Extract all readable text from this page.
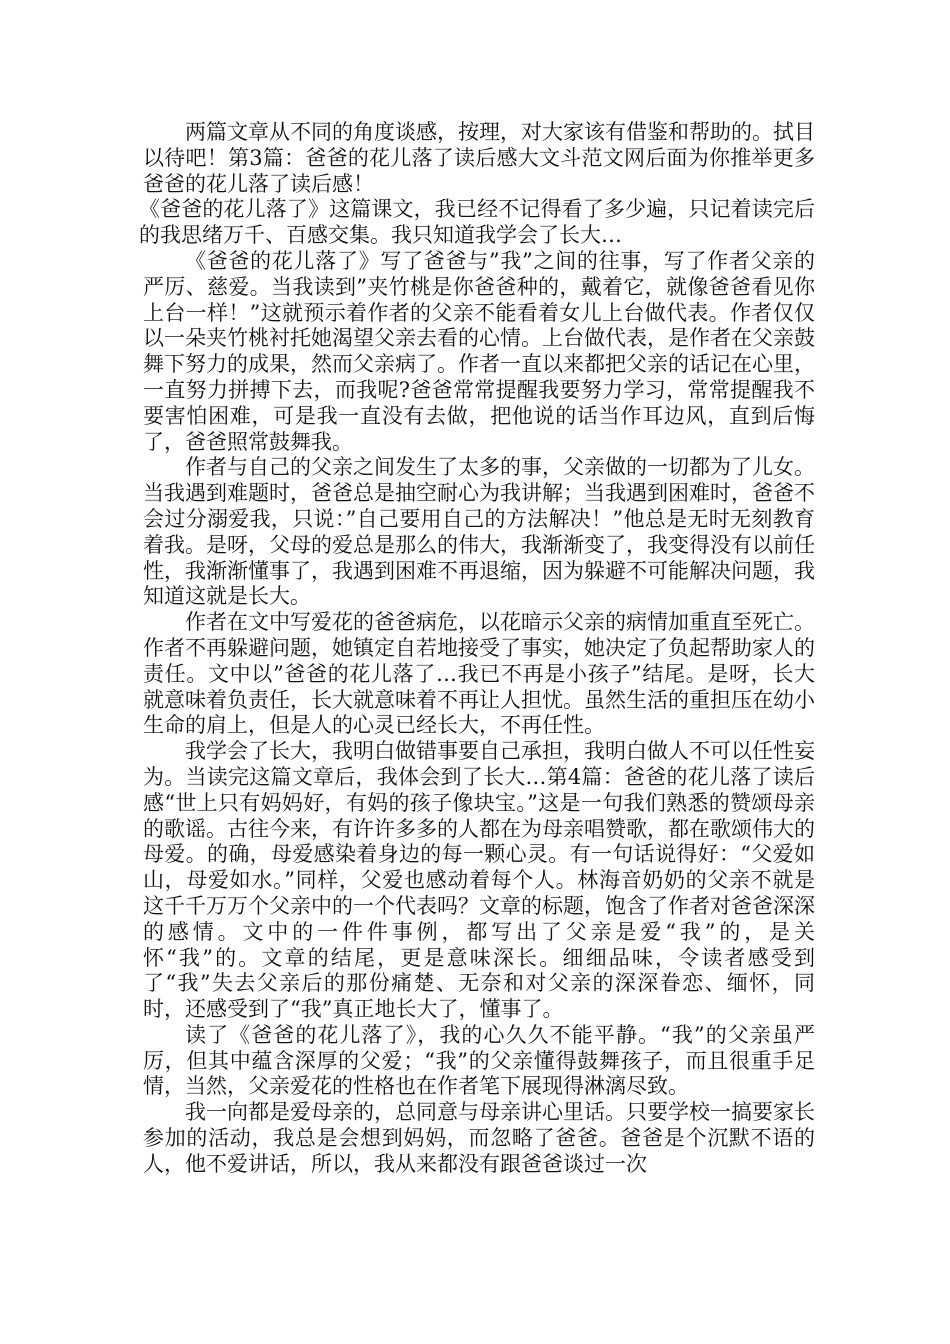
两篇文章从不同的角度谈感，按理，对大家该有借鉴和帮助的。拭目以待吧！第3篇：爸爸的花儿落了读后感大文斗范文网后面为你推举更多爸爸的花儿落了读后感！

《爸爸的花儿落了》这篇课文，我已经不记得看了多少遍，只记着读完后的我思绪万千、百感交集。我只知道我学会了长大…

《爸爸的花儿落了》写了爸爸与”我”之间的往事，写了作者父亲的严厉、慈爱。当我读到”夹竹桃是你爸爸种的，戴着它，就像爸爸看见你上台一样！”这就预示着作者的父亲不能看着女儿上台做代表。作者仅仅以一朵夹竹桃衬托她渴望父亲去看的心情。上台做代表，是作者在父亲鼓舞下努力的成果，然而父亲病了。作者一直以来都把父亲的话记在心里，一直努力拼搏下去，而我呢?爸爸常常提醒我要努力学习，常常提醒我不要害怕困难，可是我一直没有去做，把他说的话当作耳边风，直到后悔了，爸爸照常鼓舞我。

作者与自己的父亲之间发生了太多的事，父亲做的一切都为了儿女。当我遇到难题时，爸爸总是抽空耐心为我讲解；当我遇到困难时，爸爸不会过分溺爱我，只说：”自己要用自己的方法解决！”他总是无时无刻教育着我。是呀，父母的爱总是那么的伟大，我渐渐变了，我变得没有以前任性，我渐渐懂事了，我遇到困难不再退缩，因为躲避不可能解决问题，我知道这就是长大。

作者在文中写爱花的爸爸病危，以花暗示父亲的病情加重直至死亡。作者不再躲避问题，她镇定自若地接受了事实，她决定了负起帮助家人的责任。文中以”爸爸的花儿落了…我已不再是小孩子”结尾。是呀，长大就意味着负责任，长大就意味着不再让人担忧。虽然生活的重担压在幼小生命的肩上，但是人的心灵已经长大，不再任性。

我学会了长大，我明白做错事要自己承担，我明白做人不可以任性妄为。当读完这篇文章后，我体会到了长大…第4篇：爸爸的花儿落了读后感“世上只有妈妈好，有妈的孩子像块宝。”这是一句我们熟悉的赞颂母亲的歌谣。古往今来，有许许多多的人都在为母亲唱赞歌，都在歌颂伟大的母爱。的确，母爱感染着身边的每一颗心灵。有一句话说得好：“父爱如山，母爱如水。”同样，父爱也感动着每个人。林海音奶奶的父亲不就是这千千万万个父亲中的一个代表吗？文章的标题，饱含了作者对爸爸深深的感情。文中的一件件事例，都写出了父亲是爱“我”的，是关怀“我”的。文章的结尾，更是意味深长。细细品味，令读者感受到了“我”失去父亲后的那份痛楚、无奈和对父亲的深深眷恋、缅怀，同时，还感受到了“我”真正地长大了，懂事了。

读了《爸爸的花儿落了》，我的心久久不能平静。“我”的父亲虽严厉，但其中蕴含深厚的父爱；“我”的父亲懂得鼓舞孩子，而且很重手足情，当然，父亲爱花的性格也在作者笔下展现得淋漓尽致。

我一向都是爱母亲的，总同意与母亲讲心里话。只要学校一搞要家长参加的活动，我总是会想到妈妈，而忽略了爸爸。爸爸是个沉默不语的人，他不爱讲话，所以，我从来都没有跟爸爸谈过一次
